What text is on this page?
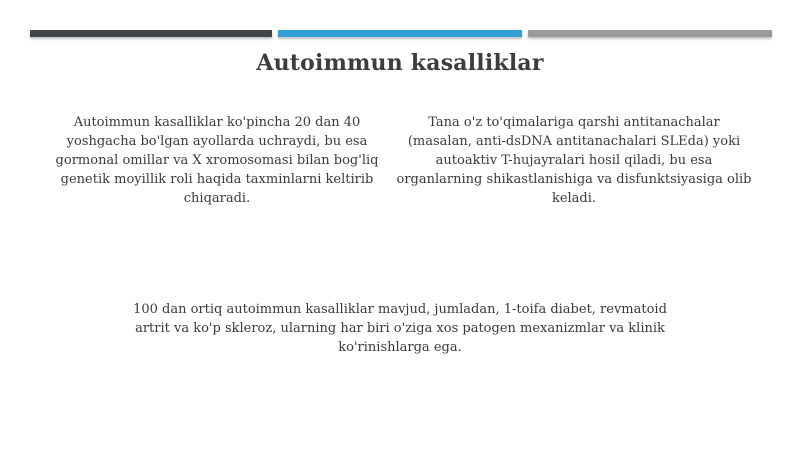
Autoimmun kasalliklar
Autoimmun kasalliklar ko'pincha 20 dan 40 yoshgacha bo'lgan ayollarda uchraydi, bu esa gormonal omillar va X xromosomasi bilan bog'liq genetik moyillik roli haqida taxminlarni keltirib chiqaradi.
Tana o'z to'qimalariga qarshi antitanachalar (masalan, anti-dsDNA antitanachalari SLEda) yoki autoaktiv T-hujayralari hosil qiladi, bu esa organlarning shikastlanishiga va disfunktsiyasiga olib keladi.
100 dan ortiq autoimmun kasalliklar mavjud, jumladan, 1-toifa diabet, revmatoid artrit va ko'p skleroz, ularning har biri o'ziga xos patogen mexanizmlar va klinik ko'rinishlarga ega.
